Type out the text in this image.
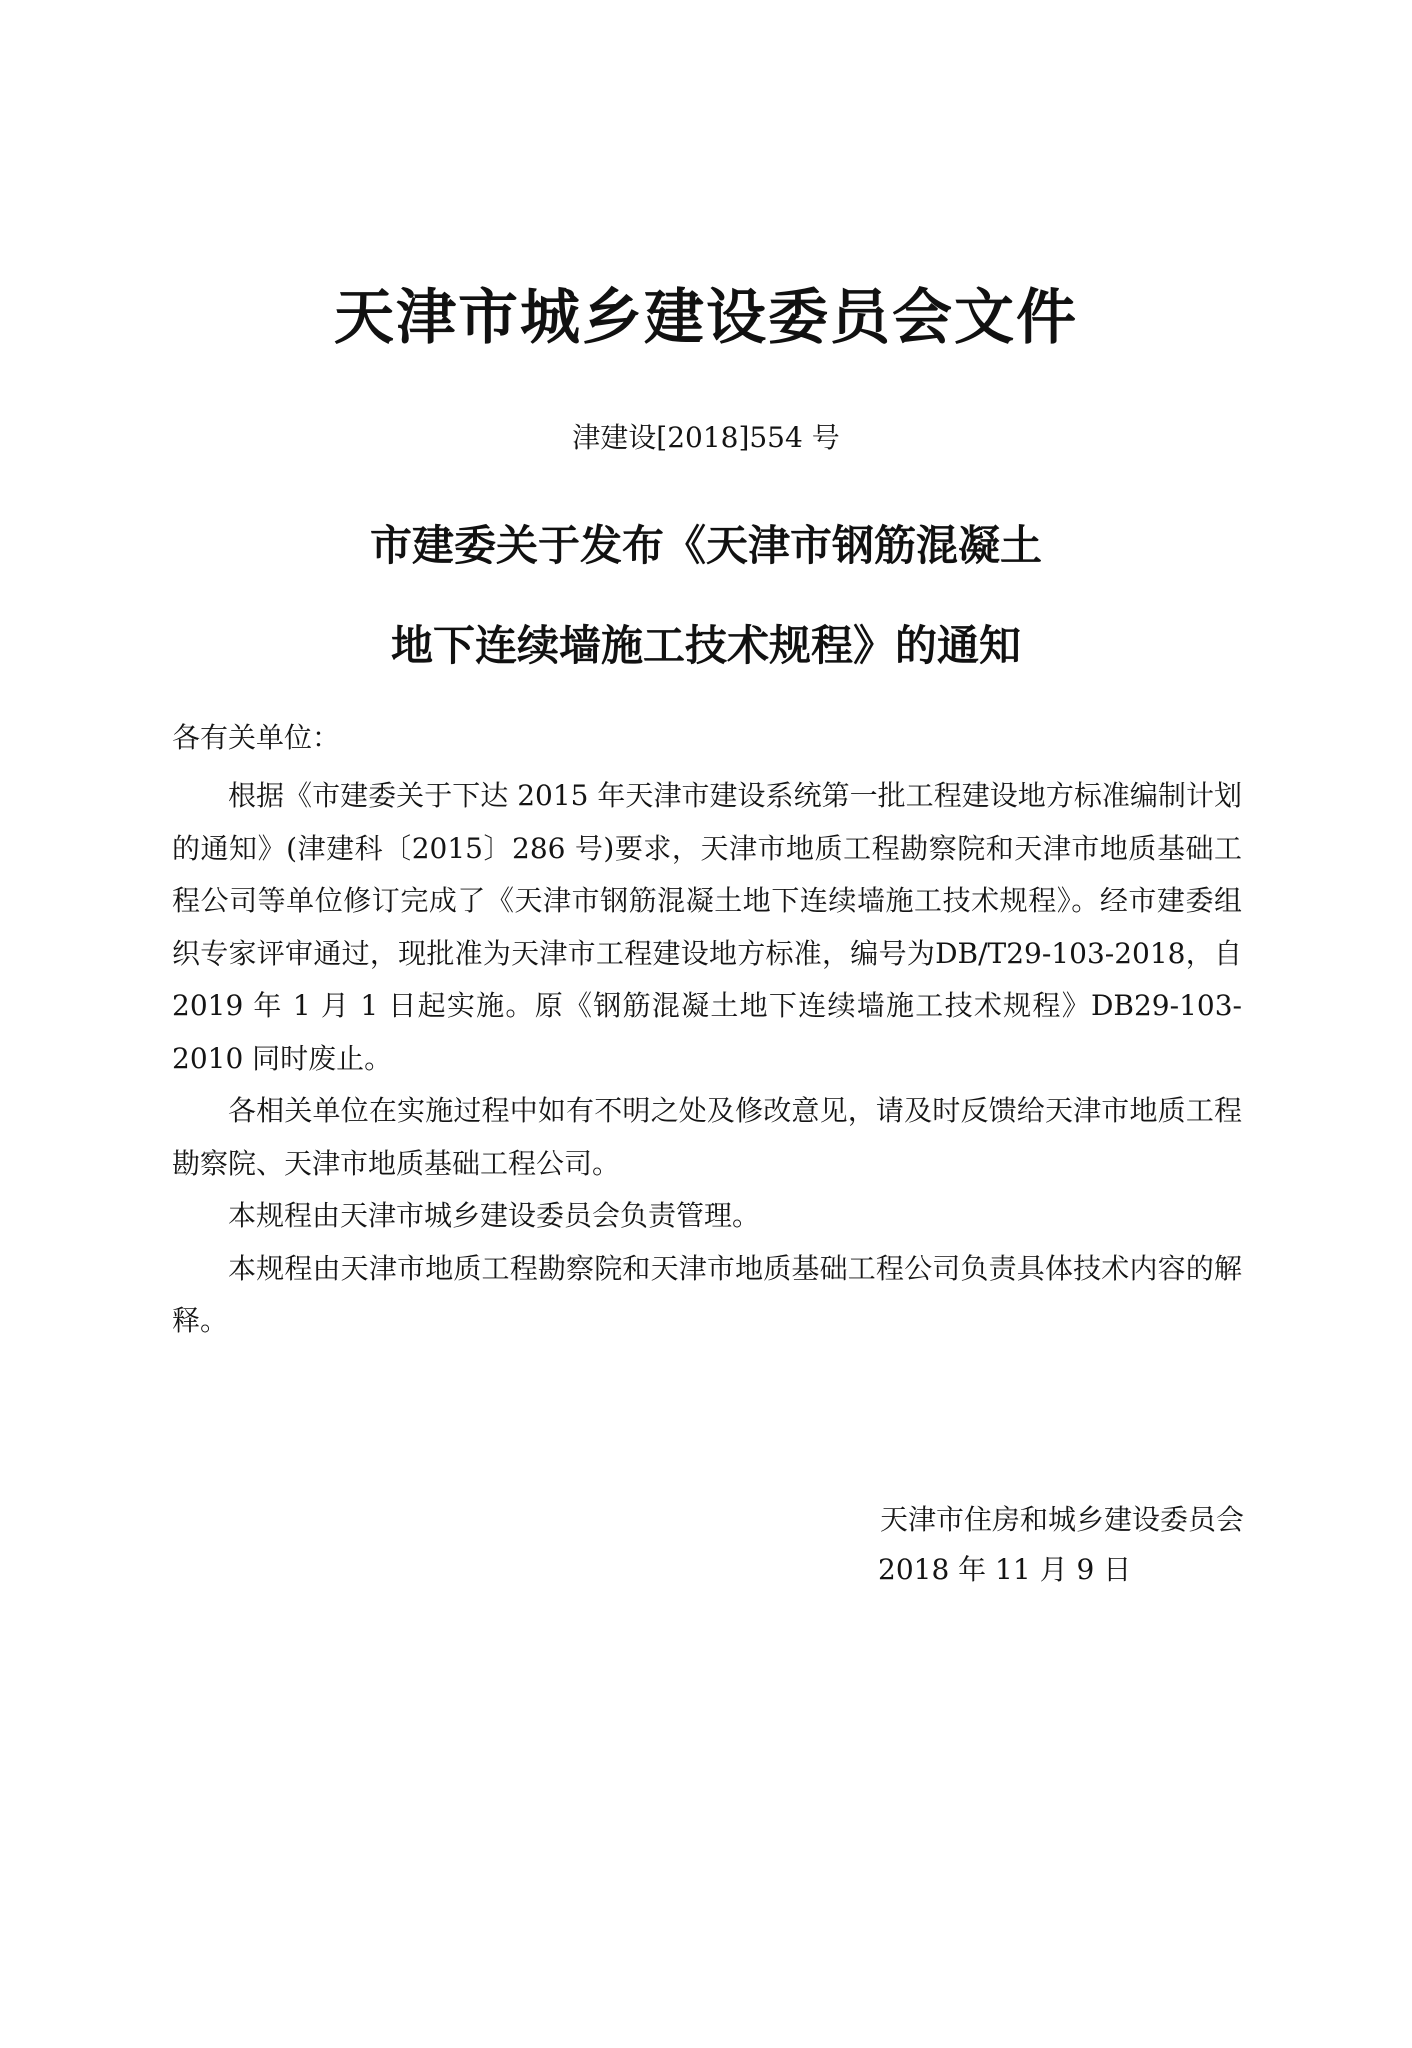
天津市城乡建设委员会文件
津建设[2018]554 号
市建委关于发布《天津市钢筋混凝土
地下连续墙施工技术规程》的通知
各有关单位：

根据《市建委关于下达 2015 年天津市建设系统第一批工程建设地方标准编制计划的通知》(津建科〔2015〕286 号)要求，天津市地质工程勘察院和天津市地质基础工程公司等单位修订完成了《天津市钢筋混凝土地下连续墙施工技术规程》。经市建委组织专家评审通过，现批准为天津市工程建设地方标准，编号为DB/T29-103-2018，自 2019 年 1 月 1 日起实施。原《钢筋混凝土地下连续墙施工技术规程》DB29-103-2010 同时废止。

各相关单位在实施过程中如有不明之处及修改意见，请及时反馈给天津市地质工程勘察院、天津市地质基础工程公司。

本规程由天津市城乡建设委员会负责管理。

本规程由天津市地质工程勘察院和天津市地质基础工程公司负责具体技术内容的解释。

天津市住房和城乡建设委员会
2018 年 11 月 9 日
